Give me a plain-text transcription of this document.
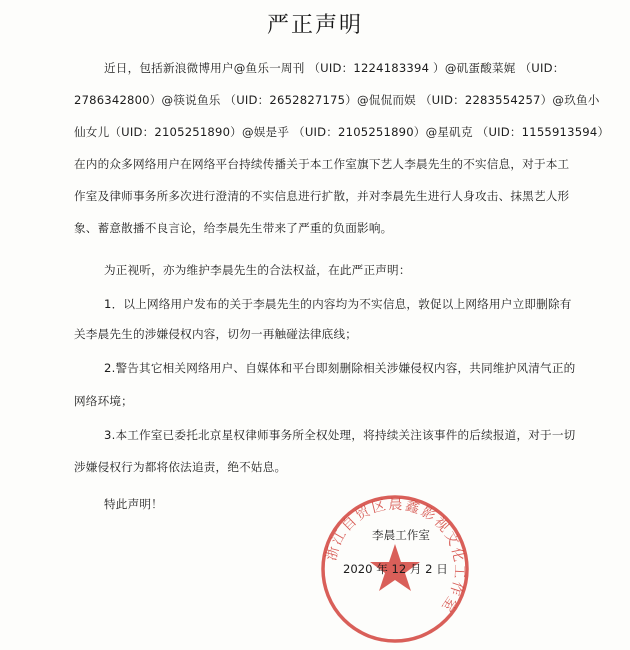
严正声明
近日，包括新浪微博用户@鱼乐一周刊 （UID：1224183394 ）@矶蛋酸菜娓 （UID：
2786342800）@筷说鱼乐 （UID：2652827175）@侃侃而娱 （UID：2283554257）@玖鱼小
仙女儿（UID：2105251890）@娱是乎 （UID：2105251890）@星矶克 （UID：1155913594）
在内的众多网络用户在网络平台持续传播关于本工作室旗下艺人李晨先生的不实信息，对于本工
作室及律师事务所多次进行澄清的不实信息进行扩散，并对李晨先生进行人身攻击、抹黑艺人形
象、蓄意散播不良言论，给李晨先生带来了严重的负面影响。
为正视听，亦为维护李晨先生的合法权益，在此严正声明：
1．以上网络用户发布的关于李晨先生的内容均为不实信息，敦促以上网络用户立即删除有
关李晨先生的涉嫌侵权内容，切勿一再触碰法律底线；
2.警告其它相关网络用户、自媒体和平台即刻删除相关涉嫌侵权内容，共同维护风清气正的
网络环境；
3.本工作室已委托北京星权律师事务所全权处理，将持续关注该事件的后续报道，对于一切
涉嫌侵权行为都将依法追责，绝不姑息。
特此声明！
浙江自贸区晨鑫影视文化工作室
李晨工作室
2020 年 12 月 2 日
